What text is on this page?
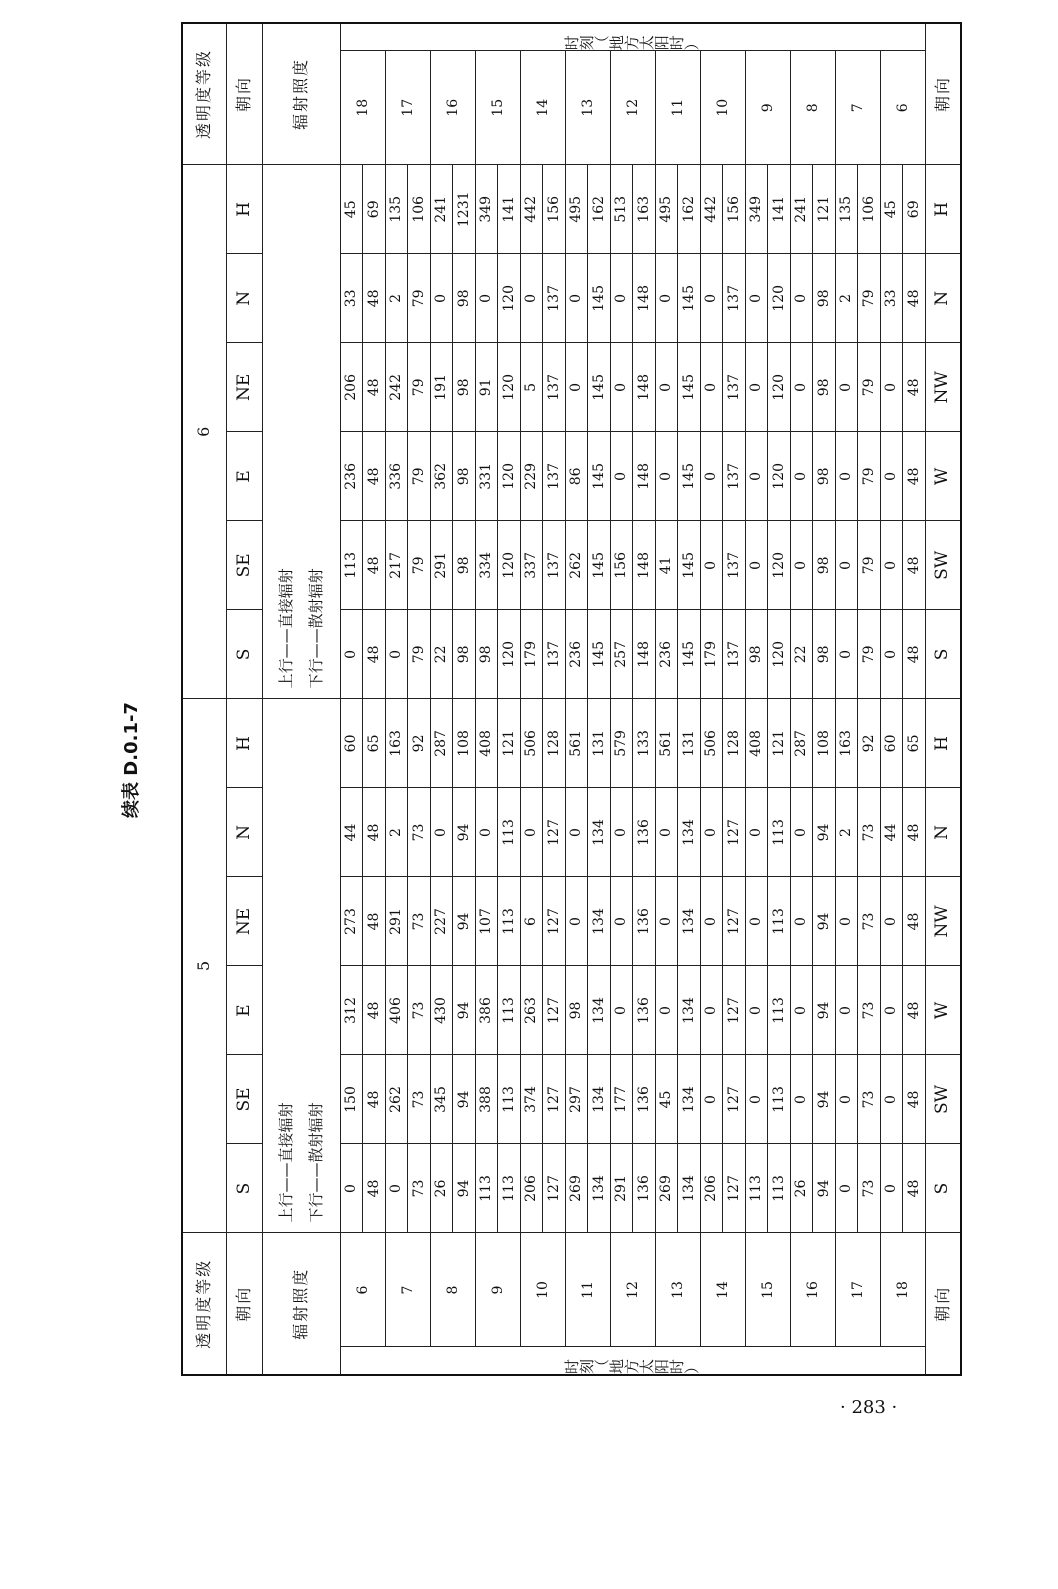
续表 D.0.1-7
透明度等级		5						6						透明度等级	
朝向		S	SE	E	NE	N	H	S	SE	E	NE	N	H	朝向	
辐射照度		上行——直接辐射 下行——散射辐射						上行——直接辐射 下行——散射辐射						辐射照度	
时 刻（ 地 方 太 阳 时 ）	6	0	150	312	273	44	60	0	113	236	206	33	45	18	时 刻（ 地 方 太 阳 时 ）
		48	48	48	48	48	65	48	48	48	48	48	69		
	7	0	262	406	291	2	163	0	217	336	242	2	135	17	
		73	73	73	73	73	92	79	79	79	79	79	106		
	8	26	345	430	227	0	287	22	291	362	191	0	241	16	
		94	94	94	94	94	108	98	98	98	98	98	1231		
	9	113	388	386	107	0	408	98	334	331	91	0	349	15	
		113	113	113	113	113	121	120	120	120	120	120	141		
	10	206	374	263	6	0	506	179	337	229	5	0	442	14	
		127	127	127	127	127	128	137	137	137	137	137	156		
	11	269	297	98	0	0	561	236	262	86	0	0	495	13	
		134	134	134	134	134	131	145	145	145	145	145	162		
	12	291	177	0	0	0	579	257	156	0	0	0	513	12	
		136	136	136	136	136	133	148	148	148	148	148	163		
	13	269	45	0	0	0	561	236	41	0	0	0	495	11	
		134	134	134	134	134	131	145	145	145	145	145	162		
	14	206	0	0	0	0	506	179	0	0	0	0	442	10	
		127	127	127	127	127	128	137	137	137	137	137	156		
	15	113	0	0	0	0	408	98	0	0	0	0	349	9	
		113	113	113	113	113	121	120	120	120	120	120	141		
	16	26	0	0	0	0	287	22	0	0	0	0	241	8	
		94	94	94	94	94	108	98	98	98	98	98	121		
	17	0	0	0	0	2	163	0	0	0	0	2	135	7	
		73	73	73	73	73	92	79	79	79	79	79	106		
	18	0	0	0	0	44	60	0	0	0	0	33	45	6	
		48	48	48	48	48	65	48	48	48	48	48	69		
朝向		S	SW	W	NW	N	H	S	SW	W	NW	N	H	朝向	
· 283 ·
